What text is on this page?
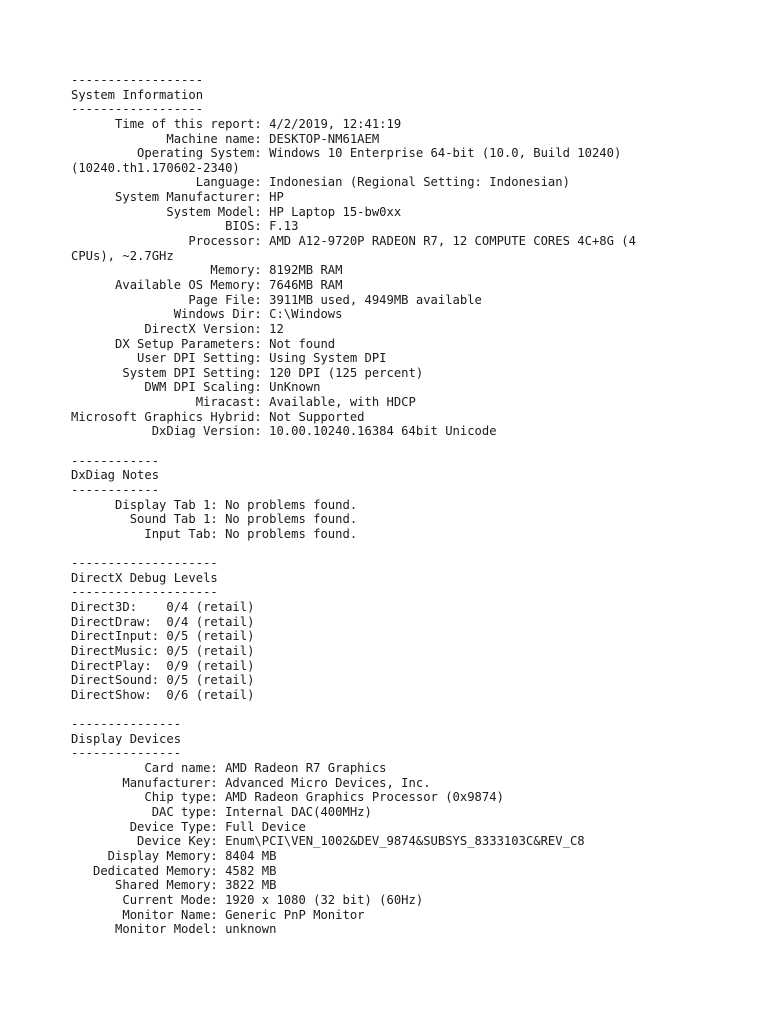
------------------
System Information
------------------
Time of this report: 4/2/2019, 12:41:19
Machine name: DESKTOP-NM61AEM
Operating System: Windows 10 Enterprise 64-bit (10.0, Build 10240)
(10240.th1.170602-2340)
Language: Indonesian (Regional Setting: Indonesian)
System Manufacturer: HP
System Model: HP Laptop 15-bw0xx
BIOS: F.13
Processor: AMD A12-9720P RADEON R7, 12 COMPUTE CORES 4C+8G (4
CPUs), ~2.7GHz
Memory: 8192MB RAM
Available OS Memory: 7646MB RAM
Page File: 3911MB used, 4949MB available
Windows Dir: C:\Windows
DirectX Version: 12
DX Setup Parameters: Not found
User DPI Setting: Using System DPI
System DPI Setting: 120 DPI (125 percent)
DWM DPI Scaling: UnKnown
Miracast: Available, with HDCP
Microsoft Graphics Hybrid: Not Supported
DxDiag Version: 10.00.10240.16384 64bit Unicode
------------
DxDiag Notes
------------
Display Tab 1: No problems found.
Sound Tab 1: No problems found.
Input Tab: No problems found.
--------------------
DirectX Debug Levels
--------------------
Direct3D:    0/4 (retail)
DirectDraw:  0/4 (retail)
DirectInput: 0/5 (retail)
DirectMusic: 0/5 (retail)
DirectPlay:  0/9 (retail)
DirectSound: 0/5 (retail)
DirectShow:  0/6 (retail)
---------------
Display Devices
---------------
Card name: AMD Radeon R7 Graphics
Manufacturer: Advanced Micro Devices, Inc.
Chip type: AMD Radeon Graphics Processor (0x9874)
DAC type: Internal DAC(400MHz)
Device Type: Full Device
Device Key: Enum\PCI\VEN_1002&DEV_9874&SUBSYS_8333103C&REV_C8
Display Memory: 8404 MB
Dedicated Memory: 4582 MB
Shared Memory: 3822 MB
Current Mode: 1920 x 1080 (32 bit) (60Hz)
Monitor Name: Generic PnP Monitor
Monitor Model: unknown
